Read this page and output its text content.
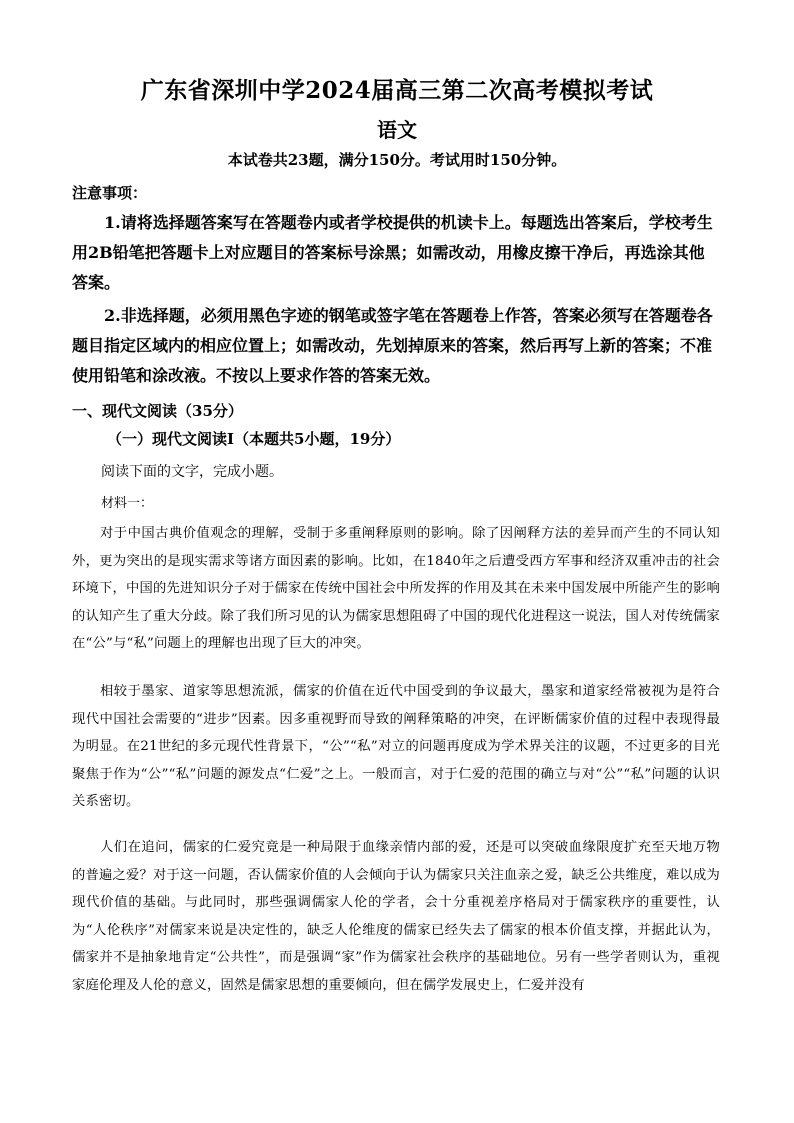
广东省深圳中学2024届高三第二次高考模拟考试
语文
本试卷共23题，满分150分。考试用时150分钟。
注意事项：
1.请将选择题答案写在答题卷内或者学校提供的机读卡上。每题选出答案后，学校考生用2B铅笔把答题卡上对应题目的答案标号涂黑；如需改动，用橡皮擦干净后，再选涂其他答案。
2.非选择题，必须用黑色字迹的钢笔或签字笔在答题卷上作答，答案必须写在答题卷各题目指定区域内的相应位置上；如需改动，先划掉原来的答案，然后再写上新的答案；不准使用铅笔和涂改液。不按以上要求作答的答案无效。
一、现代文阅读（35分）
（一）现代文阅读Ⅰ（本题共5小题，19分）
阅读下面的文字，完成小题。
材料一：
对于中国古典价值观念的理解，受制于多重阐释原则的影响。除了因阐释方法的差异而产生的不同认知外，更为突出的是现实需求等诸方面因素的影响。比如，在1840年之后遭受西方军事和经济双重冲击的社会环境下，中国的先进知识分子对于儒家在传统中国社会中所发挥的作用及其在未来中国发展中所能产生的影响的认知产生了重大分歧。除了我们所习见的认为儒家思想阻碍了中国的现代化进程这一说法，国人对传统儒家在“公”与“私”问题上的理解也出现了巨大的冲突。
相较于墨家、道家等思想流派，儒家的价值在近代中国受到的争议最大，墨家和道家经常被视为是符合现代中国社会需要的“进步”因素。因多重视野而导致的阐释策略的冲突，在评断儒家价值的过程中表现得最为明显。在21世纪的多元现代性背景下，“公”“私”对立的问题再度成为学术界关注的议题，不过更多的目光聚焦于作为“公”“私”问题的源发点“仁爱”之上。一般而言，对于仁爱的范围的确立与对“公”“私”问题的认识关系密切。
人们在追问，儒家的仁爱究竟是一种局限于血缘亲情内部的爱，还是可以突破血缘限度扩充至天地万物的普遍之爱？对于这一问题，否认儒家价值的人会倾向于认为儒家只关注血亲之爱，缺乏公共维度，难以成为现代价值的基础。与此同时，那些强调儒家人伦的学者，会十分重视差序格局对于儒家秩序的重要性，认为“人伦秩序”对儒家来说是决定性的，缺乏人伦维度的儒家已经失去了儒家的根本价值支撑，并据此认为，儒家并不是抽象地肯定“公共性”，而是强调“家”作为儒家社会秩序的基础地位。另有一些学者则认为，重视家庭伦理及人伦的意义，固然是儒家思想的重要倾向，但在儒学发展史上，仁爱并没有
